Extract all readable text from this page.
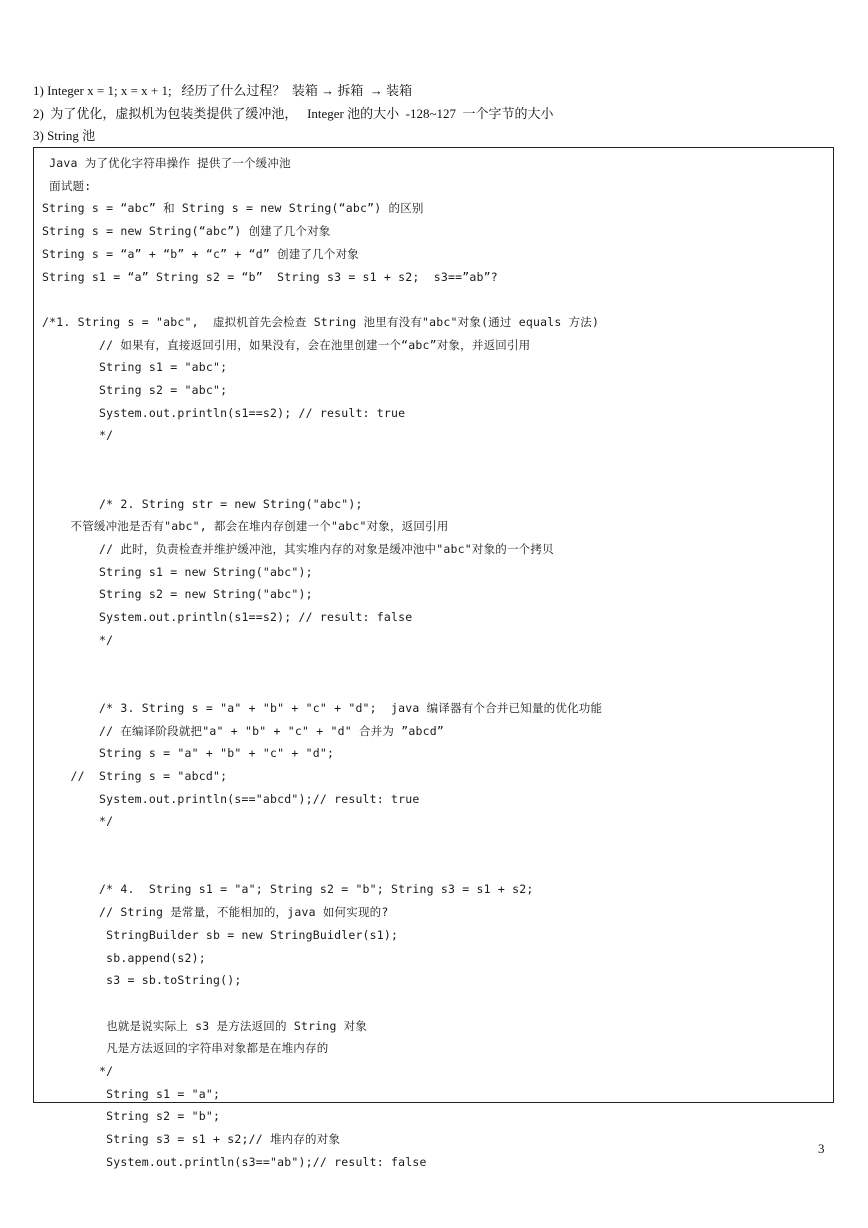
1) Integer x = 1; x = x + 1;   经历了什么过程？  装箱 → 拆箱  → 装箱
2)  为了优化，虚拟机为包装类提供了缓冲池，   Integer 池的大小  -128~127  一个字节的大小
3) String 池
Java 为了优化字符串操作 提供了一个缓冲池
面试题:
String s = “abc” 和 String s = new String(“abc”) 的区别
String s = new String(“abc”) 创建了几个对象
String s = “a” + “b” + “c” + “d” 创建了几个对象
String s1 = “a” String s2 = “b”  String s3 = s1 + s2;  s3==”ab”?
/*1. String s = "abc",  虚拟机首先会检查 String 池里有没有"abc"对象(通过 equals 方法)
// 如果有，直接返回引用，如果没有，会在池里创建一个“abc”对象，并返回引用
String s1 = "abc";
String s2 = "abc";
System.out.println(s1==s2); // result: true
*/
/* 2. String str = new String("abc");
不管缓冲池是否有"abc", 都会在堆内存创建一个"abc"对象，返回引用
// 此时，负责检查并维护缓冲池，其实堆内存的对象是缓冲池中"abc"对象的一个拷贝
String s1 = new String("abc");
String s2 = new String("abc");
System.out.println(s1==s2); // result: false
*/
/* 3. String s = "a" + "b" + "c" + "d";  java 编译器有个合并已知量的优化功能
// 在编译阶段就把"a" + "b" + "c" + "d" 合并为 ”abcd”
String s = "a" + "b" + "c" + "d";
//  String s = "abcd";
System.out.println(s=="abcd");// result: true
*/
/* 4.  String s1 = "a"; String s2 = "b"; String s3 = s1 + s2;
// String 是常量，不能相加的，java 如何实现的?
StringBuilder sb = new StringBuidler(s1);
sb.append(s2);
s3 = sb.toString();
也就是说实际上 s3 是方法返回的 String 对象
凡是方法返回的字符串对象都是在堆内存的
*/
String s1 = "a";
String s2 = "b";
String s3 = s1 + s2;// 堆内存的对象
System.out.println(s3=="ab");// result: false
3
